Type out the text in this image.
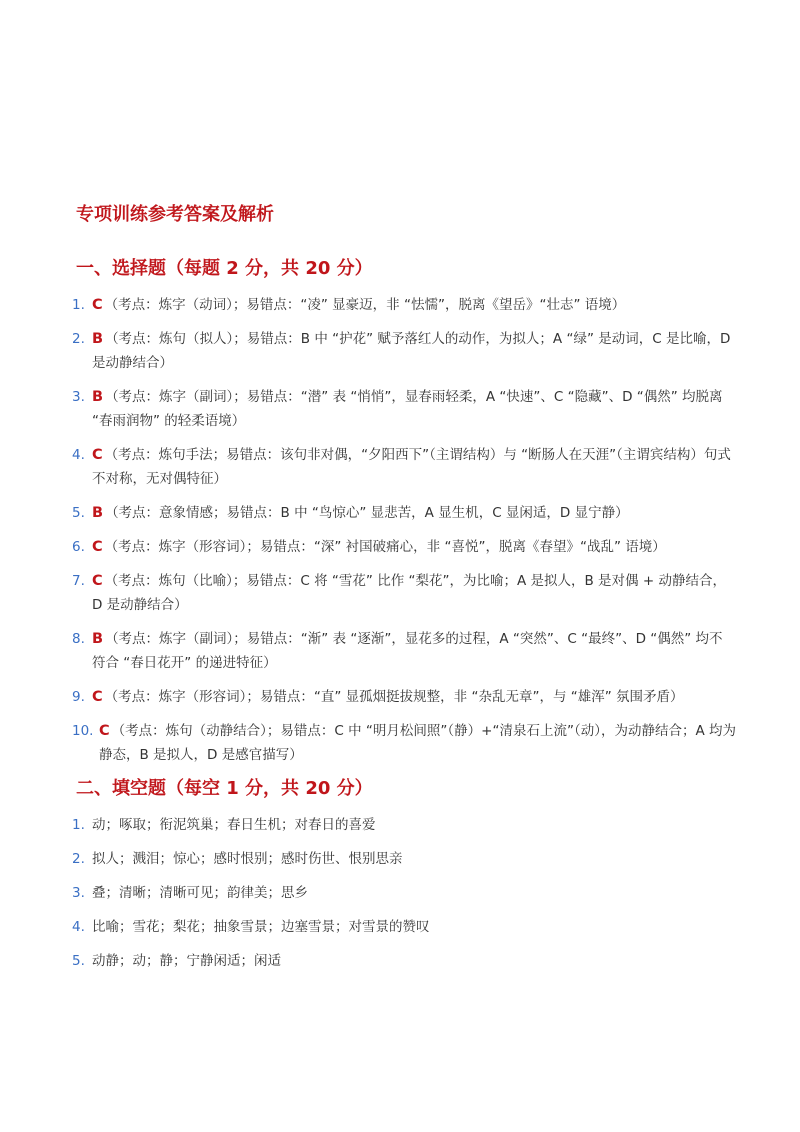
专项训练参考答案及解析
一、选择题（每题 2 分，共 20 分）
1. C （考点：炼字（动词）；易错点：“凌” 显豪迈，非 “怯懦”，脱离《望岳》“壮志” 语境）
2. B （考点：炼句（拟人）；易错点：B 中 “护花” 赋予落红人的动作，为拟人；A “绿” 是动词，C 是比喻，D 是动静结合）
3. B （考点：炼字（副词）；易错点：“潜” 表 “悄悄”，显春雨轻柔，A “快速”、C “隐藏”、D “偶然” 均脱离 “春雨润物” 的轻柔语境）
4. C （考点：炼句手法；易错点：该句非对偶，“夕阳西下”（主谓结构）与 “断肠人在天涯”（主谓宾结构）句式不对称，无对偶特征）
5. B （考点：意象情感；易错点：B 中 “鸟惊心” 显悲苦，A 显生机，C 显闲适，D 显宁静）
6. C （考点：炼字（形容词）；易错点：“深” 衬国破痛心，非 “喜悦”，脱离《春望》“战乱” 语境）
7. C （考点：炼句（比喻）；易错点：C 将 “雪花” 比作 “梨花”，为比喻；A 是拟人，B 是对偶 + 动静结合，D 是动静结合）
8. B （考点：炼字（副词）；易错点：“渐” 表 “逐渐”，显花多的过程，A “突然”、C “最终”、D “偶然” 均不符合 “春日花开” 的递进特征）
9. C （考点：炼字（形容词）；易错点：“直” 显孤烟挺拔规整，非 “杂乱无章”，与 “雄浑” 氛围矛盾）
10. C （考点：炼句（动静结合）；易错点：C 中 “明月松间照”（静）+“清泉石上流”（动），为动静结合；A 均为静态，B 是拟人，D 是感官描写）
二、填空题（每空 1 分，共 20 分）
1. 动；啄取；衔泥筑巢；春日生机；对春日的喜爱
2. 拟人；溅泪；惊心；感时恨别；感时伤世、恨别思亲
3. 叠；清晰；清晰可见；韵律美；思乡
4. 比喻；雪花；梨花；抽象雪景；边塞雪景；对雪景的赞叹
5. 动静；动；静；宁静闲适；闲适
